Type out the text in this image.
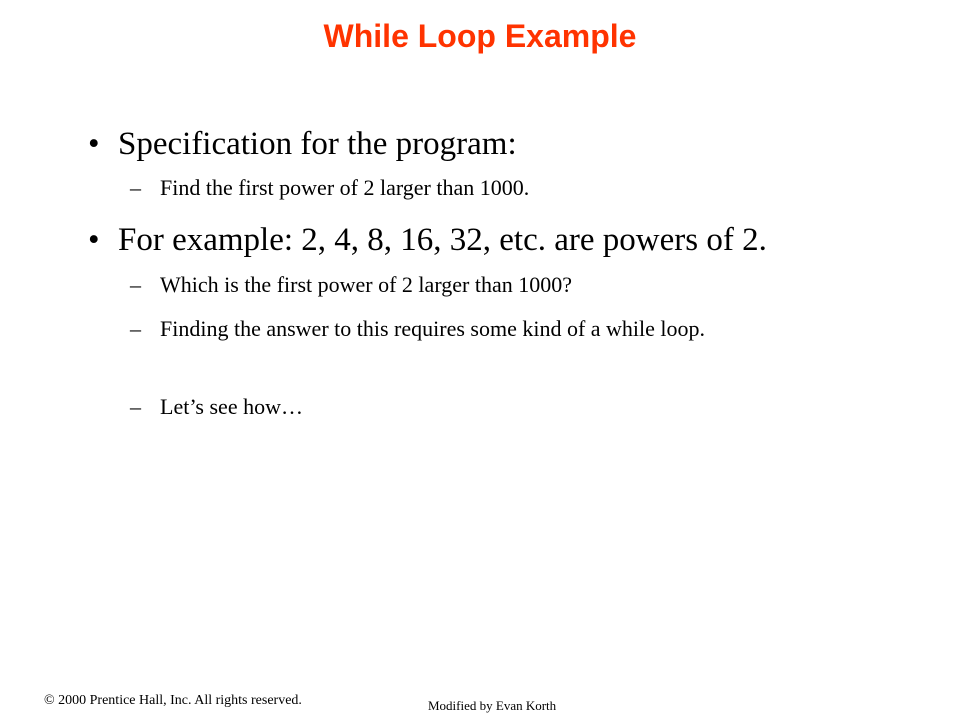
While Loop Example
• Specification for the program:
– Find the first power of 2 larger than 1000.
• For example: 2, 4, 8, 16, 32, etc. are powers of 2.
– Which is the first power of 2 larger than 1000?
– Finding the answer to this requires some kind of a while loop.
– Let’s see how…
© 2000 Prentice Hall, Inc. All rights reserved.	Modified by Evan Korth
